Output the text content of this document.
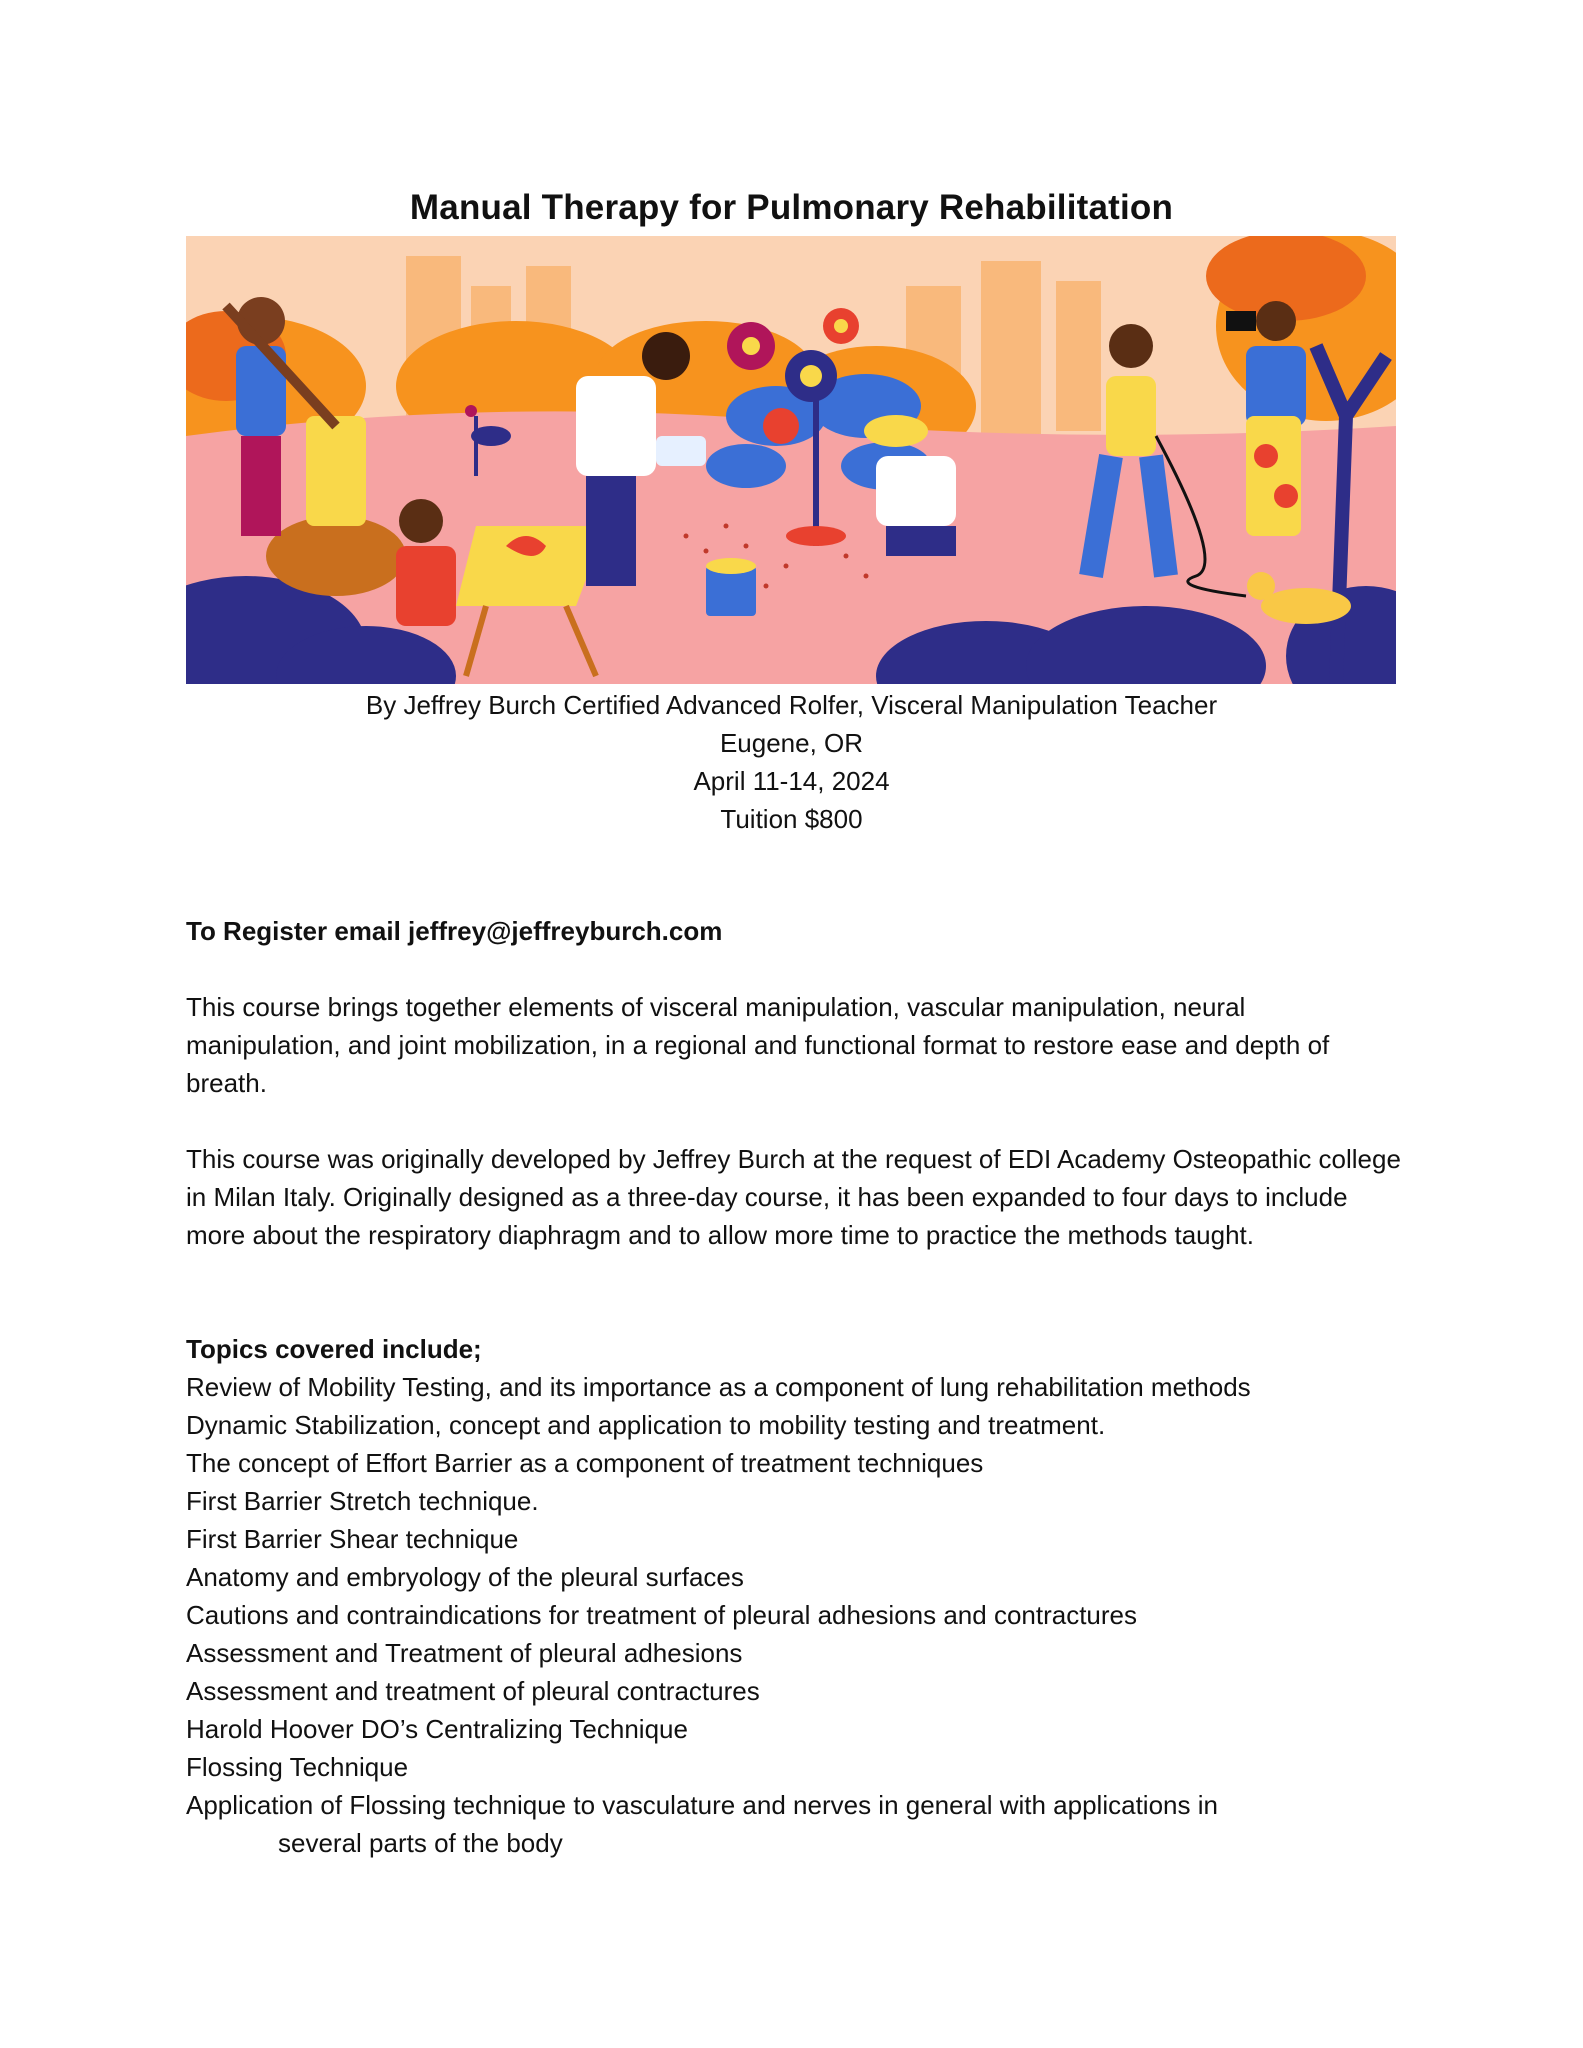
Manual Therapy for Pulmonary Rehabilitation
By Jeffrey Burch Certified Advanced Rolfer, Visceral Manipulation Teacher
Eugene, OR
April 11-14, 2024
Tuition $800
To Register email jeffrey@jeffreyburch.com
This course brings together elements of visceral manipulation, vascular manipulation, neural manipulation, and joint mobilization, in a regional and functional format to restore ease and depth of breath.
This course was originally developed by Jeffrey Burch at the request of EDI Academy Osteopathic college in Milan Italy. Originally designed as a three-day course, it has been expanded to four days to include more about the respiratory diaphragm and to allow more time to practice the methods taught.
Topics covered include;
Review of Mobility Testing, and its importance as a component of lung rehabilitation methods
Dynamic Stabilization, concept and application to mobility testing and treatment.
The concept of Effort Barrier as a component of treatment techniques
First Barrier Stretch technique.
First Barrier Shear technique
Anatomy and embryology of the pleural surfaces
Cautions and contraindications for treatment of pleural adhesions and contractures
Assessment and Treatment of pleural adhesions
Assessment and treatment of pleural contractures
Harold Hoover DO’s Centralizing Technique
Flossing Technique
Application of Flossing technique to vasculature and nerves in general with applications in
several parts of the body
